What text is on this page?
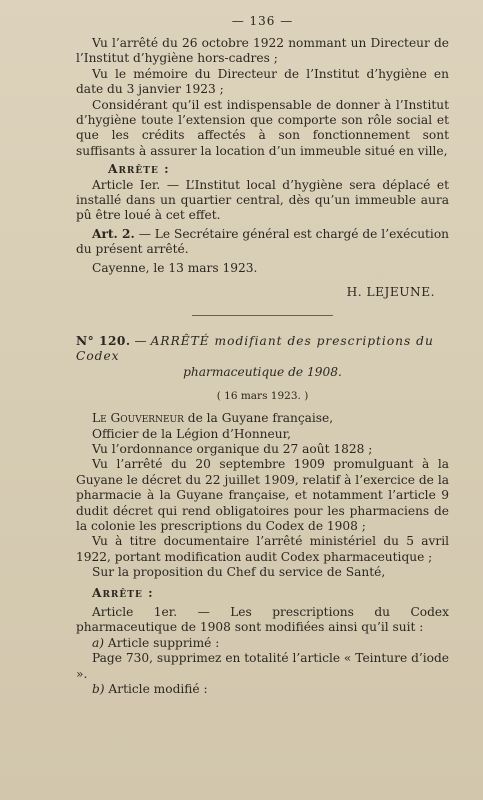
— 136 —

Vu l’arrêté du 26 octobre 1922 nommant un Directeur de l’Institut d’hygiène hors-cadres ;

Vu le mémoire du Directeur de l’Institut d’hygiène en date du 3 janvier 1923 ;

Considérant qu’il est indispensable de donner à l’Institut d’hygiène toute l’extension que comporte son rôle social et que les crédits affectés à son fonctionnement sont suffisants à assurer la location d’un immeuble situé en ville,

Arrête :

Article Ier. — L’Institut local d’hygiène sera déplacé et installé dans un quartier central, dès qu’un immeuble aura pû être loué à cet effet.

Art. 2. — Le Secrétaire général est chargé de l’exécution du présent arrêté.

Cayenne, le 13 mars 1923.

H. LEJEUNE.

N° 120. — ARRÊTÉ modifiant des prescriptions du Codex

pharmaceutique de 1908.

( 16 mars 1923. )

Le Gouverneur de la Guyane française,

Officier de la Légion d’Honneur,

Vu l’ordonnance organique du 27 août 1828 ;

Vu l’arrêté du 20 septembre 1909 promulguant à la Guyane le décret du 22 juillet 1909, relatif à l’exercice de la pharmacie à la Guyane française, et notamment l’article 9 dudit décret qui rend obligatoires pour les pharmaciens de la colonie les prescriptions du Codex de 1908 ;

Vu à titre documentaire l’arrêté ministériel du 5 avril 1922, portant modification audit Codex pharmaceutique ;

Sur la proposition du Chef du service de Santé,

Arrête :

Article 1er. — Les prescriptions du Codex pharmaceutique de 1908 sont modifiées ainsi qu’il suit :

a) Article supprimé :

Page 730, supprimez en totalité l’article « Teinture d’iode ».

b) Article modifié :
